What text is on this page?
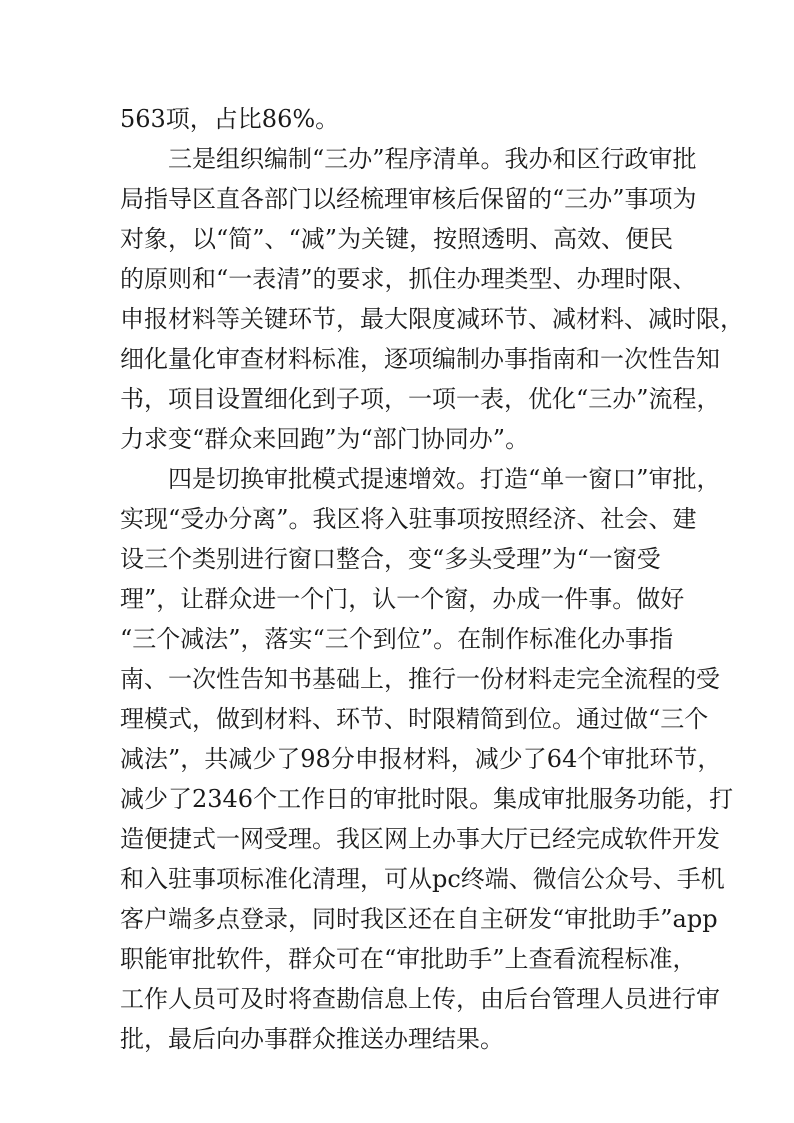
563项，占比86%。
　　三是组织编制“三办”程序清单。我办和区行政审批
局指导区直各部门以经梳理审核后保留的“三办”事项为
对象，以“简”、“减”为关键，按照透明、高效、便民
的原则和“一表清”的要求，抓住办理类型、办理时限、
申报材料等关键环节，最大限度减环节、减材料、减时限，
细化量化审查材料标准，逐项编制办事指南和一次性告知
书，项目设置细化到子项，一项一表，优化“三办”流程，
力求变“群众来回跑”为“部门协同办”。
　　四是切换审批模式提速增效。打造“单一窗口”审批，
实现“受办分离”。我区将入驻事项按照经济、社会、建
设三个类别进行窗口整合，变“多头受理”为“一窗受
理”，让群众进一个门，认一个窗，办成一件事。做好
“三个减法”，落实“三个到位”。在制作标准化办事指
南、一次性告知书基础上，推行一份材料走完全流程的受
理模式，做到材料、环节、时限精简到位。通过做“三个
减法”，共减少了98分申报材料，减少了64个审批环节，
减少了2346个工作日的审批时限。集成审批服务功能，打
造便捷式一网受理。我区网上办事大厅已经完成软件开发
和入驻事项标准化清理，可从pc终端、微信公众号、手机
客户端多点登录，同时我区还在自主研发“审批助手”app
职能审批软件，群众可在“审批助手”上查看流程标准，
工作人员可及时将查勘信息上传，由后台管理人员进行审
批，最后向办事群众推送办理结果。
